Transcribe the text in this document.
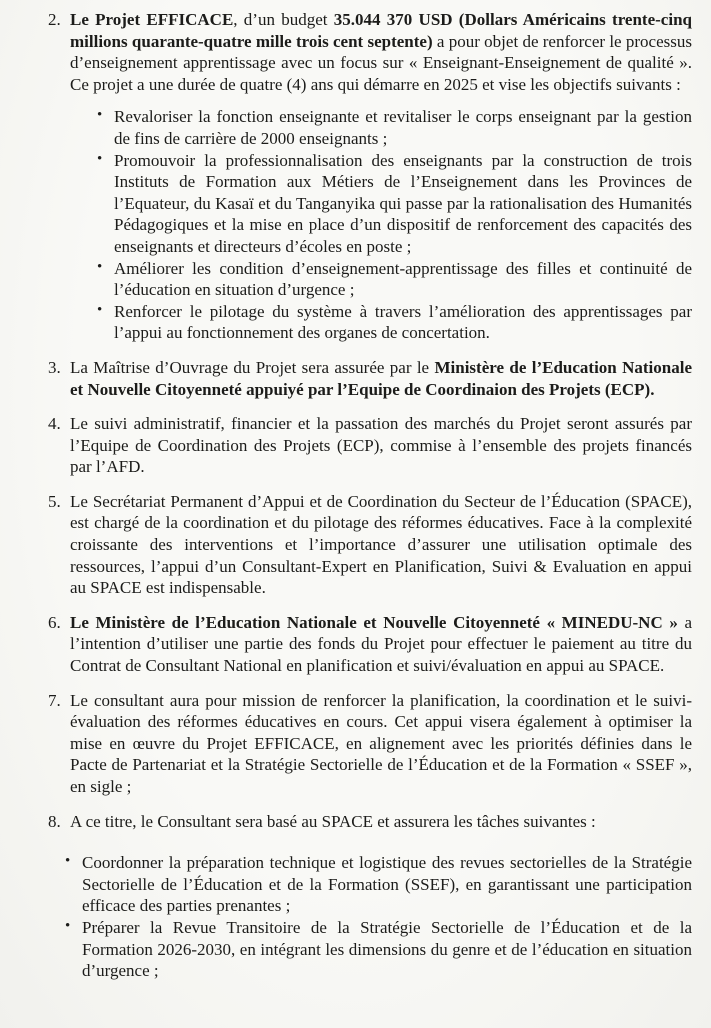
2. Le Projet EFFICACE, d’un budget 35.044 370 USD (Dollars Américains trente-cinq millions quarante-quatre mille trois cent septente) a pour objet de renforcer le processus d’enseignement apprentissage avec un focus sur « Enseignant-Enseignement de qualité ». Ce projet a une durée de quatre (4) ans qui démarre en 2025 et vise les objectifs suivants :
• Revaloriser la fonction enseignante et revitaliser le corps enseignant par la gestion de fins de carrière de 2000 enseignants ;
• Promouvoir la professionnalisation des enseignants par la construction de trois Instituts de Formation aux Métiers de l’Enseignement dans les Provinces de l’Equateur, du Kasaï et du Tanganyika qui passe par la rationalisation des Humanités Pédagogiques et la mise en place d’un dispositif de renforcement des capacités des enseignants et directeurs d’écoles en poste ;
• Améliorer les condition d’enseignement-apprentissage des filles et continuité de l’éducation en situation d’urgence ;
• Renforcer le pilotage du système à travers l’amélioration des apprentissages par l’appui au fonctionnement des organes de concertation.
3. La Maîtrise d’Ouvrage du Projet sera assurée par le Ministère de l’Education Nationale et Nouvelle Citoyenneté appuiyé par l’Equipe de Coordinaion des Projets (ECP).
4. Le suivi administratif, financier et la passation des marchés du Projet seront assurés par l’Equipe de Coordination des Projets (ECP), commise à l’ensemble des projets financés par l’AFD.
5. Le Secrétariat Permanent d’Appui et de Coordination du Secteur de l’Éducation (SPACE), est chargé de la coordination et du pilotage des réformes éducatives. Face à la complexité croissante des interventions et l’importance d’assurer une utilisation optimale des ressources, l’appui d’un Consultant-Expert en Planification, Suivi & Evaluation en appui au SPACE est indispensable.
6. Le Ministère de l’Education Nationale et Nouvelle Citoyenneté « MINEDU-NC » a l’intention d’utiliser une partie des fonds du Projet pour effectuer le paiement au titre du Contrat de Consultant National en planification et suivi/évaluation en appui au SPACE.
7. Le consultant aura pour mission de renforcer la planification, la coordination et le suivi-évaluation des réformes éducatives en cours. Cet appui visera également à optimiser la mise en œuvre du Projet EFFICACE, en alignement avec les priorités définies dans le Pacte de Partenariat et la Stratégie Sectorielle de l’Éducation et de la Formation « SSEF », en sigle ;
8. A ce titre, le Consultant sera basé au SPACE et assurera les tâches suivantes :
• Coordonner la préparation technique et logistique des revues sectorielles de la Stratégie Sectorielle de l’Éducation et de la Formation (SSEF), en garantissant une participation efficace des parties prenantes ;
• Préparer la Revue Transitoire de la Stratégie Sectorielle de l’Éducation et de la Formation 2026-2030, en intégrant les dimensions du genre et de l’éducation en situation d’urgence ;
